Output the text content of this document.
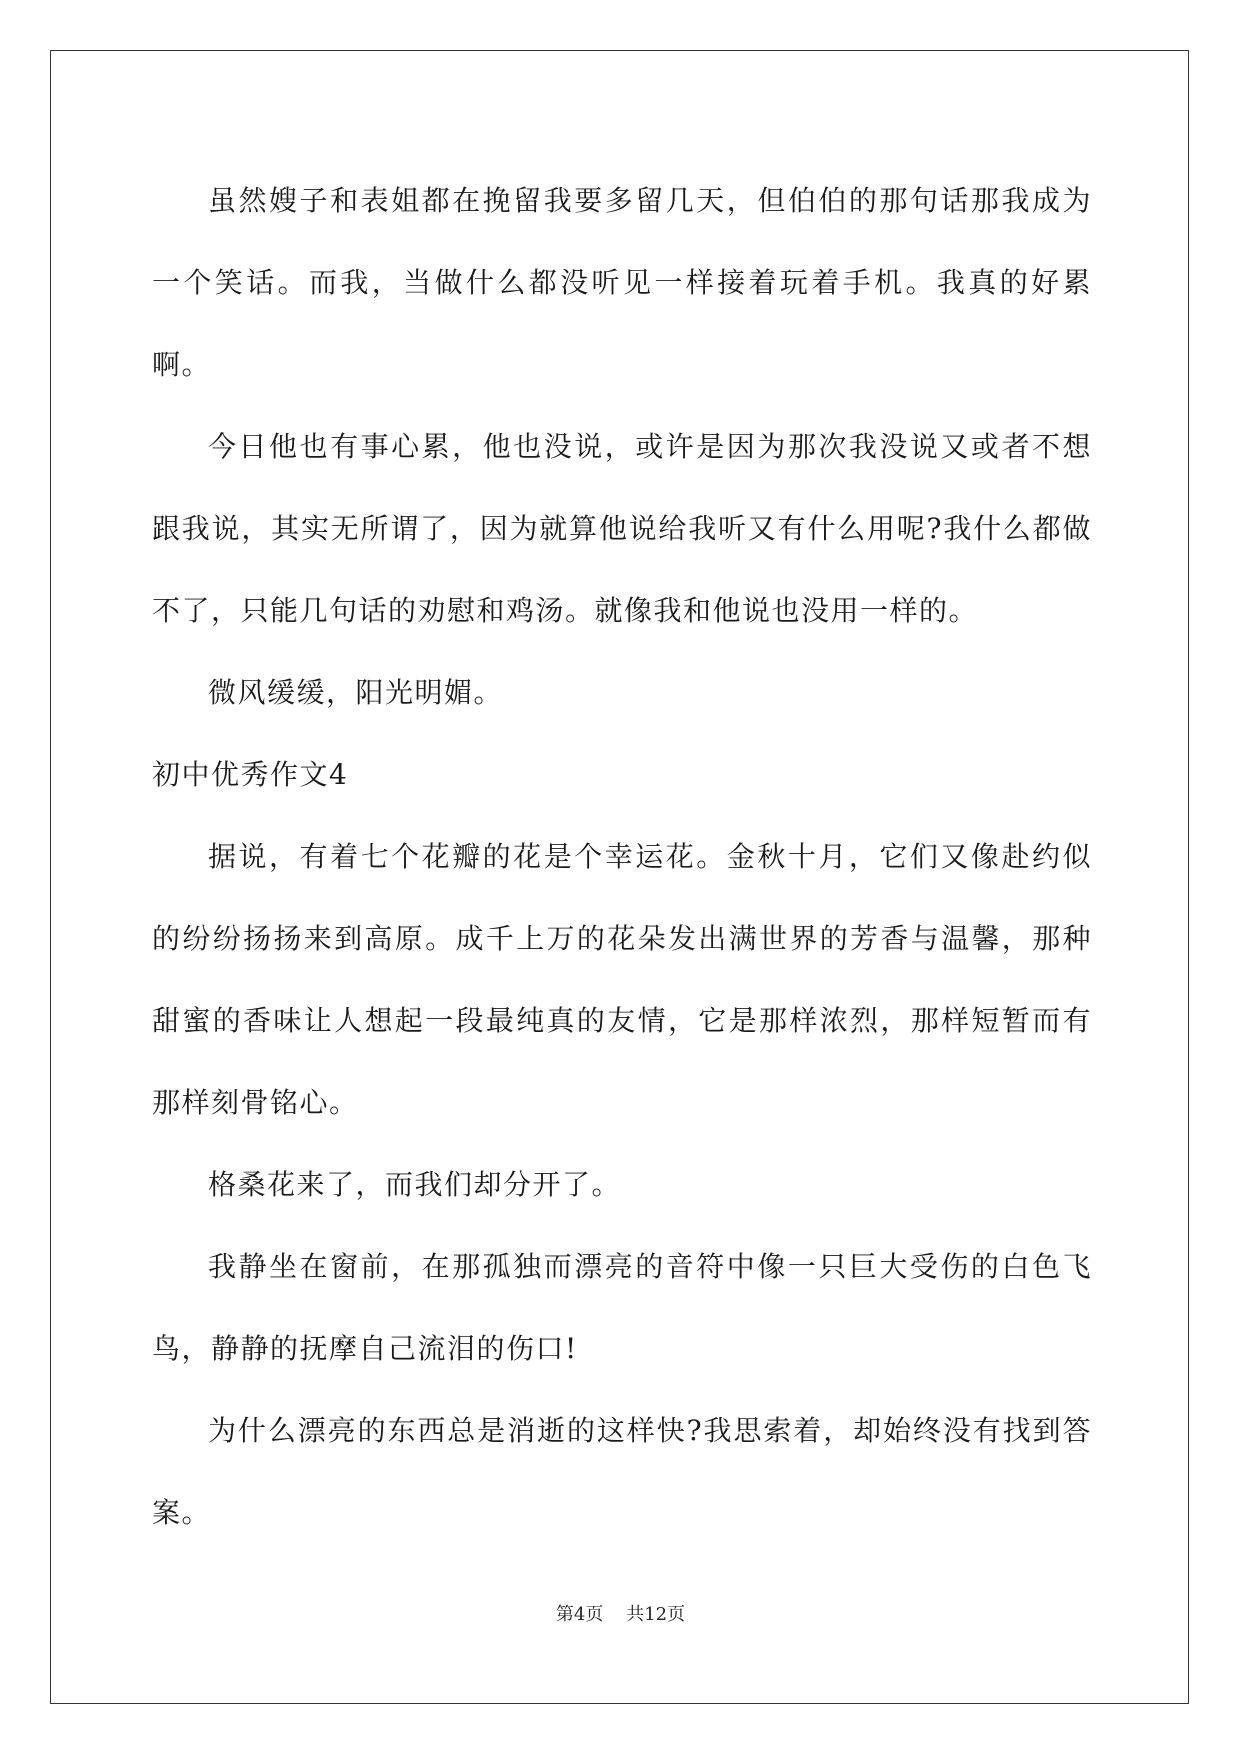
虽然嫂子和表姐都在挽留我要多留几天，但伯伯的那句话那我成为一个笑话。而我，当做什么都没听见一样接着玩着手机。我真的好累啊。

今日他也有事心累，他也没说，或许是因为那次我没说又或者不想跟我说，其实无所谓了，因为就算他说给我听又有什么用呢?我什么都做不了，只能几句话的劝慰和鸡汤。就像我和他说也没用一样的。

微风缓缓，阳光明媚。

初中优秀作文4

据说，有着七个花瓣的花是个幸运花。金秋十月，它们又像赴约似的纷纷扬扬来到高原。成千上万的花朵发出满世界的芳香与温馨，那种甜蜜的香味让人想起一段最纯真的友情，它是那样浓烈，那样短暂而有那样刻骨铭心。

格桑花来了，而我们却分开了。

我静坐在窗前，在那孤独而漂亮的音符中像一只巨大受伤的白色飞鸟，静静的抚摩自己流泪的伤口!

为什么漂亮的东西总是消逝的这样快?我思索着，却始终没有找到答案。

第4页 共12页
